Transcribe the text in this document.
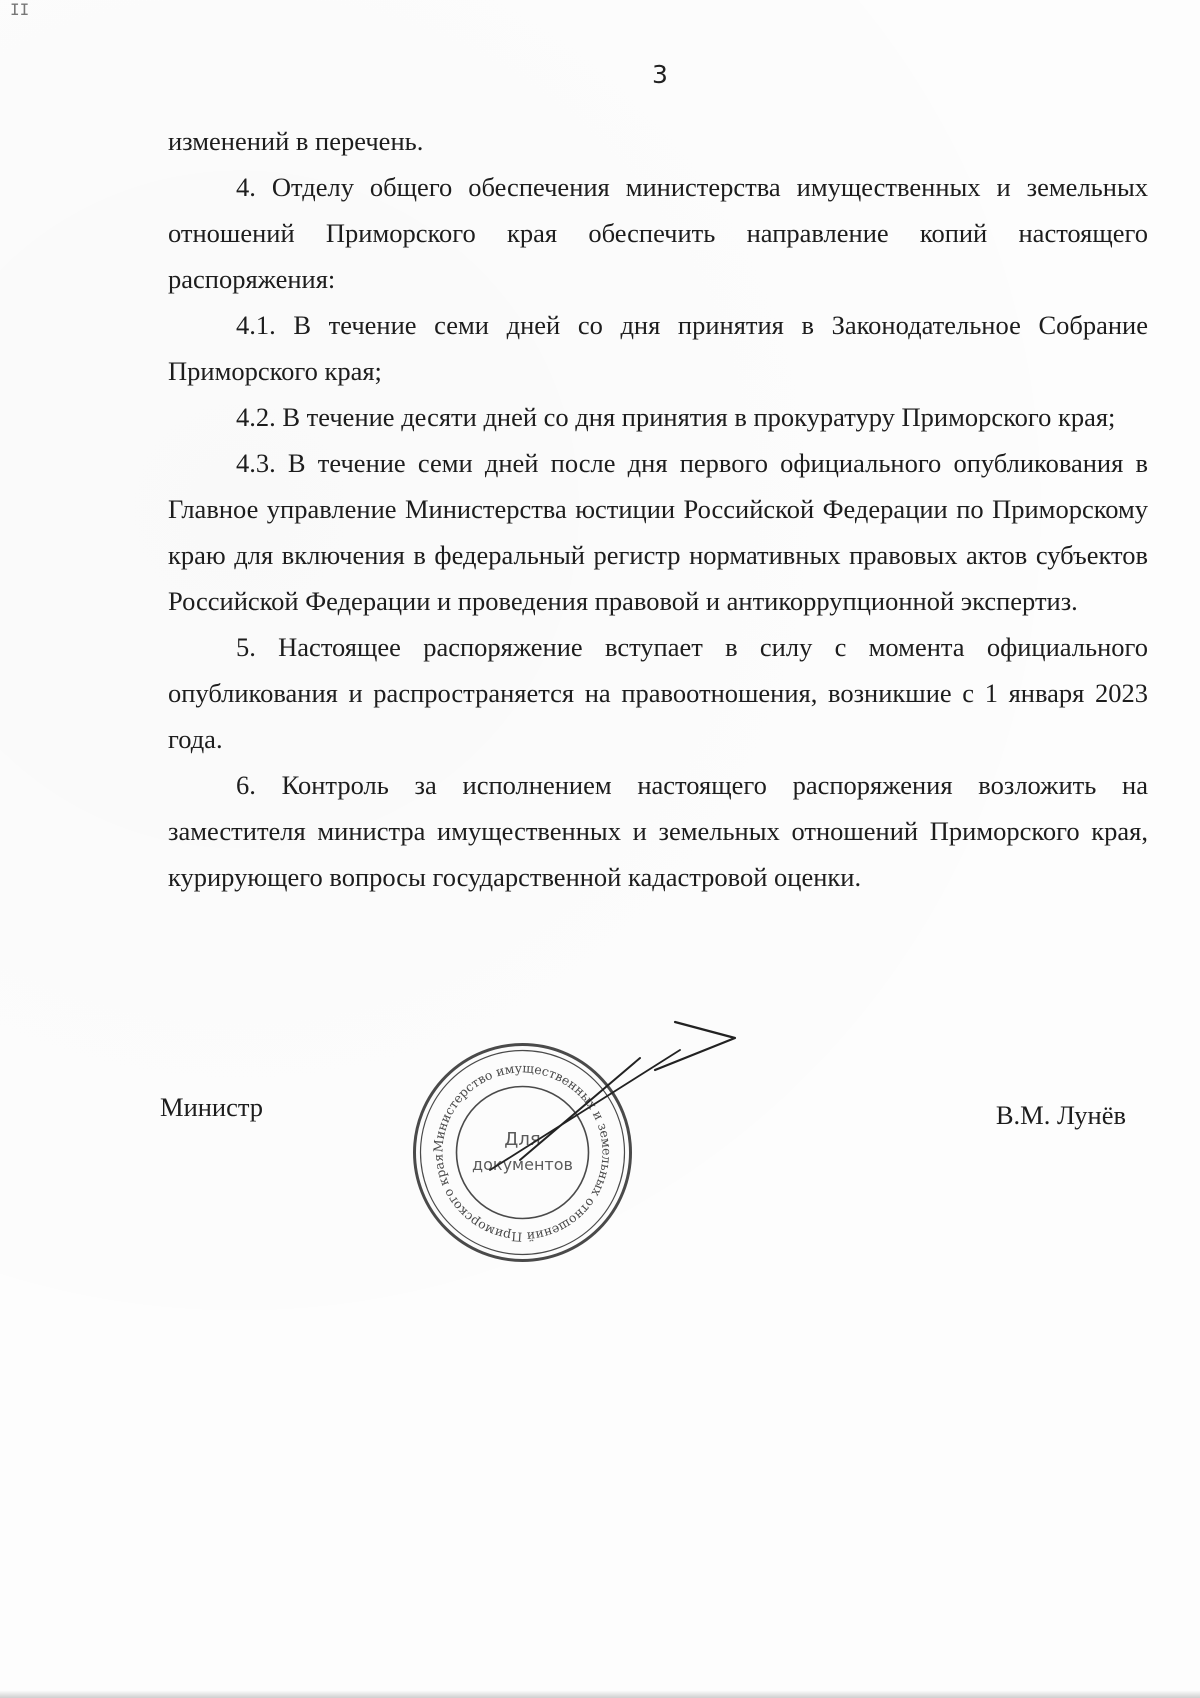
II
3

изменений в перечень.

4. Отделу общего обеспечения министерства имущественных и земельных отношений Приморского края обеспечить направление копий настоящего распоряжения:

4.1. В течение семи дней со дня принятия в Законодательное Собрание Приморского края;

4.2. В течение десяти дней со дня принятия в прокуратуру Приморского края;

4.3. В течение семи дней после дня первого официального опубликования в Главное управление Министерства юстиции Российской Федерации по Приморскому краю для включения в федеральный регистр нормативных правовых актов субъектов Российской Федерации и проведения правовой и антикоррупционной экспертиз.

5. Настоящее распоряжение вступает в силу с момента официального опубликования и распространяется на правоотношения, возникшие с 1 января 2023 года.

6. Контроль за исполнением настоящего распоряжения возложить на заместителя министра имущественных и земельных отношений Приморского края, курирующего вопросы государственной кадастровой оценки.

Министр	В.М. Лунёв
Министерство имущественных и земельных отношений Приморского края
Для
документов
